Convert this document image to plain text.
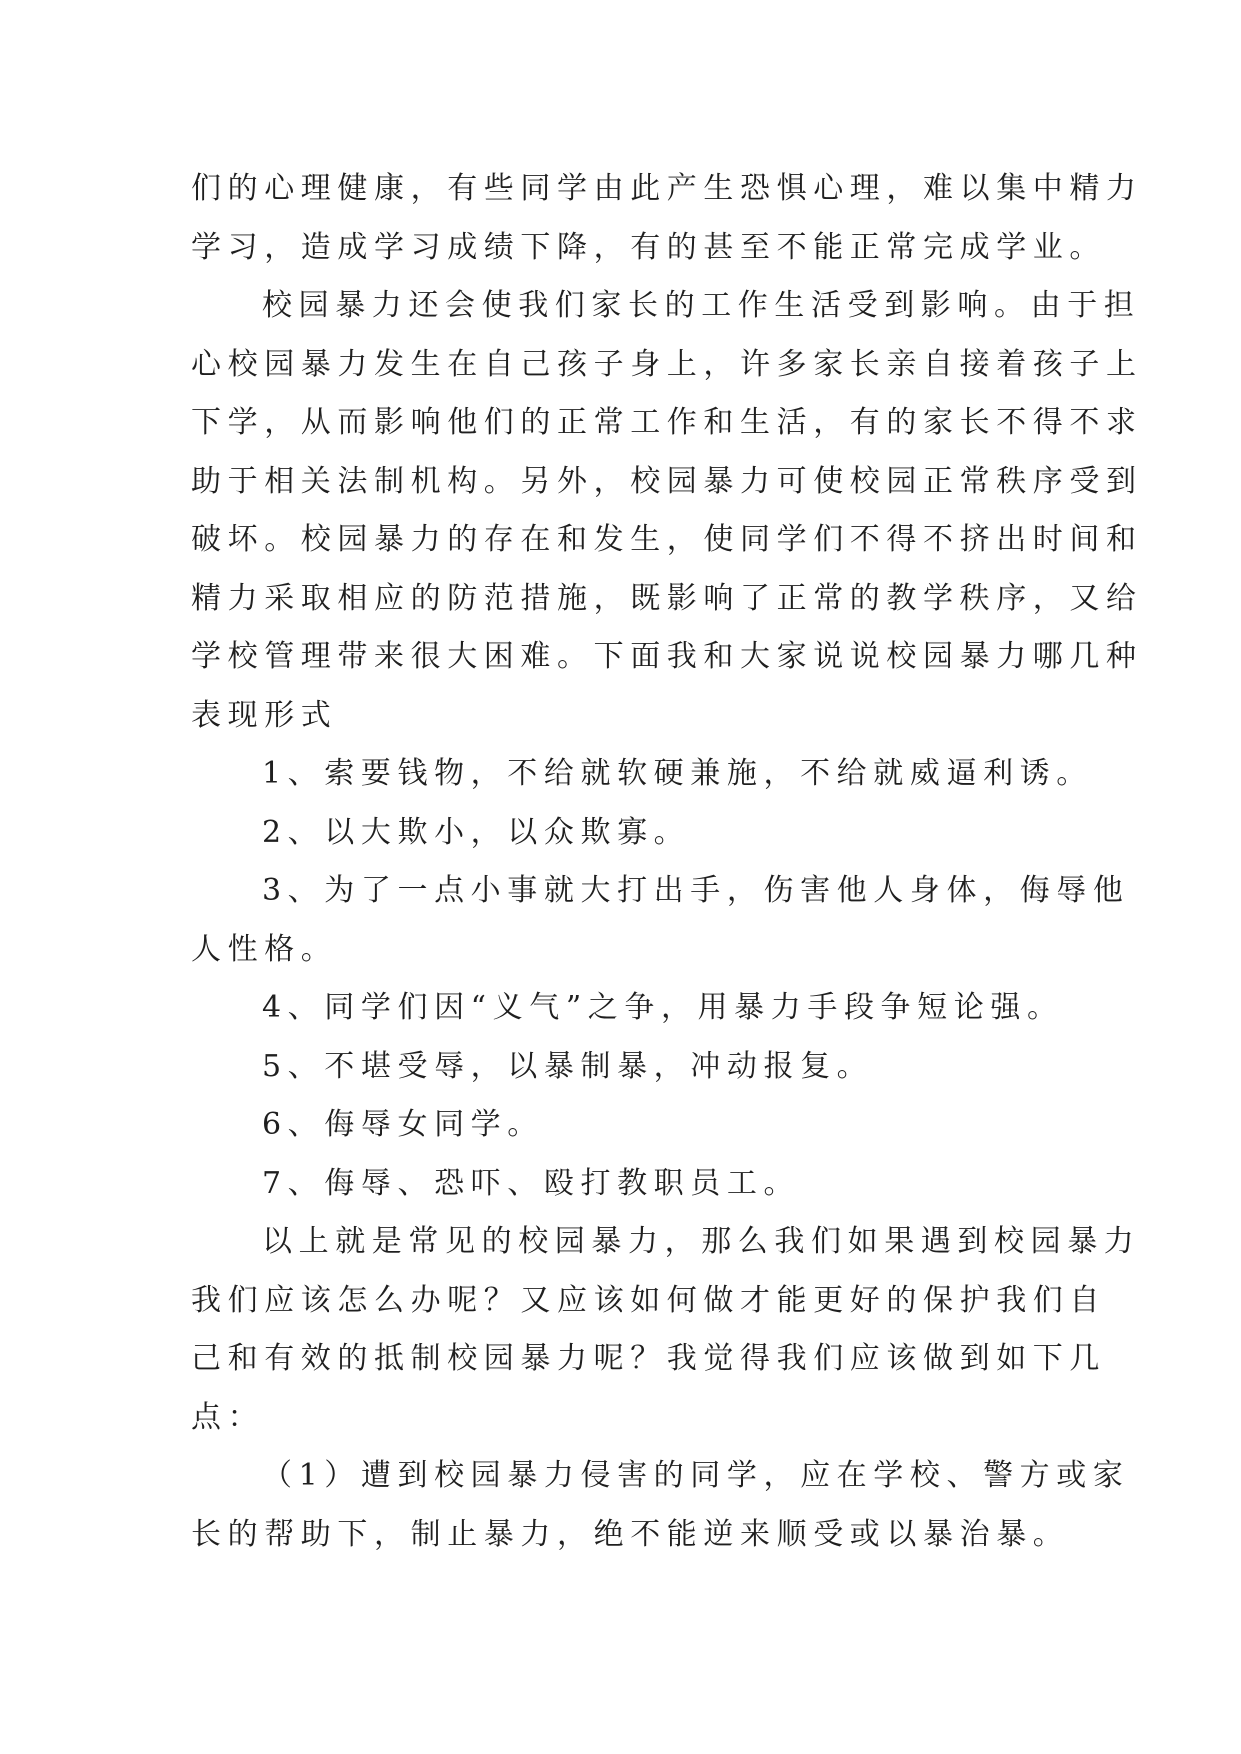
们的心理健康，有些同学由此产生恐惧心理，难以集中精力
学习，造成学习成绩下降，有的甚至不能正常完成学业。
校园暴力还会使我们家长的工作生活受到影响。由于担
心校园暴力发生在自己孩子身上，许多家长亲自接着孩子上
下学，从而影响他们的正常工作和生活，有的家长不得不求
助于相关法制机构。另外，校园暴力可使校园正常秩序受到
破坏。校园暴力的存在和发生，使同学们不得不挤出时间和
精力采取相应的防范措施，既影响了正常的教学秩序，又给
学校管理带来很大困难。下面我和大家说说校园暴力哪几种
表现形式
1、索要钱物，不给就软硬兼施，不给就威逼利诱。
2、以大欺小，以众欺寡。
3、为了一点小事就大打出手，伤害他人身体，侮辱他
人性格。
4、同学们因“义气”之争，用暴力手段争短论强。
5、不堪受辱，以暴制暴，冲动报复。
6、侮辱女同学。
7、侮辱、恐吓、殴打教职员工。
以上就是常见的校园暴力，那么我们如果遇到校园暴力
我们应该怎么办呢？又应该如何做才能更好的保护我们自
己和有效的抵制校园暴力呢？我觉得我们应该做到如下几
点：
（1）遭到校园暴力侵害的同学，应在学校、警方或家
长的帮助下，制止暴力，绝不能逆来顺受或以暴治暴。
